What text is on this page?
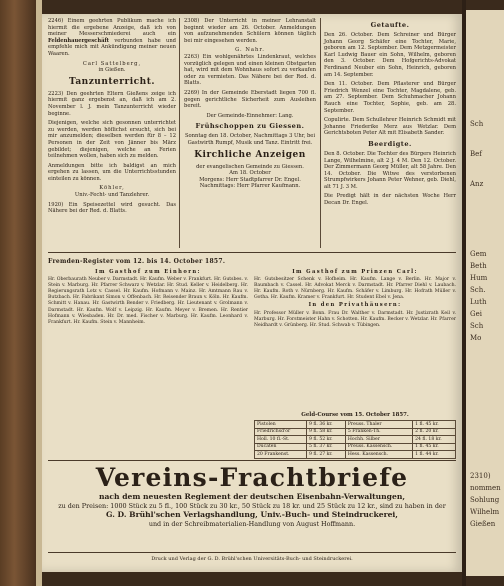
2246) Einem geehrten Publikum mache ich hiermit die ergebene Anzeige, daß ich von meiner Messerschmiederei auch ein Feldenhauergeschäft verbunden habe und empfehle mich mit Ankündigung meiner neuen Waaren.

Carl Sattelberg,
in Gießen.
Tanzunterricht.

2223) Den geehrten Eltern Gießens zeige ich hiermit ganz ergebenst an, daß ich am 2. November l. J. mein Tanzunterricht wieder beginne.

Diejenigen, welche sich gesonnen unterrichtet zu werden, werden höflichst ersucht, sich bei mir anzumelden; dieselben werden für 8 – 12 Personen in der Zeit von Jänner bis März gebildet; diejenigen, welche an Ferien teilnehmen wollen, haben sich zu melden.

Anmeldungen bitte ich baldigst an mich ergehen zu lassen, um die Unterrichtsstunden einteilen zu können.

Köhler,
Univ.-Fecht- und Tanzlehrer.

1920) Ein Speisezettel wird gesucht. Das Nähere bei der Red. d. Blatts.

2308) Der Unterricht in meiner Lehranstalt beginnt wieder am 26. October. Anmeldungen von aufzunehmenden Schülern können täglich bei mir eingesehen werden.

G. Nahr.

2263) Ein wohlgenährtes Lindenkraut, welches vorzüglich gelegen und einen kleinen Obstgarten hat, wird mit dem Wohnhaus sofort zu verkaufen oder zu vermieten. Das Nähere bei der Red. d. Blatts.

2269) In der Gemeinde Eberstadt liegen 700 fl. gegen gerichtliche Sicherheit zum Ausleihen bereit.

Der Gemeinde-Einnehmer: Lang.
Frühschoppen zu Giessen.

Sonntag den 18. October, Nachmittags 3 Uhr, bei Gastwirth Rumpf, Musik und Tanz. Eintritt frei.

Kirchliche Anzeigen
der evangelischen Gemeinde zu Giessen.
Am 18. October

Morgens: Herr Stadtpfarrer Dr. Engel. Nachmittags: Herr Pfarrer Kaufmann.

Getaufte.

Den 26. October. Dem Schreiner und Bürger Johann Georg Schäfer eine Tochter, Marie, geboren am 12. September. Dem Metzgermeister Karl Ludwig Bauer ein Sohn, Wilhelm, geboren den 3. October. Dem Hofgerichts-Advokat Ferdinand Neuber ein Sohn, Heinrich, geboren am 14. September.

Den 11. October. Dem Pflasterer und Bürger Friedrich Wenzel eine Tochter, Magdalene, geb. am 27. September. Dem Schuhmacher Johann Rauch eine Tochter, Sophie, geb. am 28. September.

Copulirte. Dem Schullehrer Heinrich Schmidt mit Johanne Friederike Merz aus Wetzlar. Dem Gerichtsboten Peter Alt mit Elisabeth Sander.

Beerdigte.

Den 8. October. Die Tochter des Bürgers Heinrich Lange, Wilhelmine, alt 2 J. 4 M. Den 12. October. Der Zimmermann Georg Müller, alt 58 Jahre. Den 14. October. Die Witwe des verstorbenen Strumpfwirkers Johann Peter Wehner, geb. Diehl, alt 71 J. 3 M.

Die Predigt hält in der nächsten Woche Herr Decan Dr. Engel.

Fremden-Register vom 12. bis 14. October 1857.
Im Gasthof zum Einhorn:
Hr. Oberbaurath Neuber v. Darmstadt. Hr. Kaufm. Weber v. Frankfurt. Hr. Gutsbes. v. Stein v. Marburg. Hr. Pfarrer Schwarz v. Wetzlar. Hr. Stud. Keller v. Heidelberg. Hr. Regierungsrath Lotz v. Cassel. Hr. Kaufm. Hofmann v. Mainz. Hr. Amtmann Rau v. Butzbach. Hr. Fabrikant Simon v. Offenbach. Hr. Reisender Braun v. Köln. Hr. Kaufm. Schmitt v. Hanau. Hr. Gastwirth Bender v. Friedberg. Hr. Lieutenant v. Grolmann v. Darmstadt. Hr. Kaufm. Wolf v. Leipzig. Hr. Kaufm. Meyer v. Bremen. Hr. Rentier Hofmann v. Wiesbaden. Hr. Dr. med. Fischer v. Marburg. Hr. Kaufm. Leonhard v. Frankfurt. Hr. Kaufm. Stein v. Mannheim.
Im Gasthof zum Prinzen Carl:
Hr. Gutsbesitzer Schenk v. Hofheim. Hr. Kaufm. Lange v. Berlin. Hr. Major v. Baumbach v. Cassel. Hr. Advokat Merck v. Darmstadt. Hr. Pfarrer Diehl v. Laubach. Hr. Kaufm. Roth v. Nürnberg. Hr. Kaufm. Schäfer v. Limburg. Hr. Hofrath Müller v. Gotha. Hr. Kaufm. Kramer v. Frankfurt. Hr. Student Ebel v. Jena.
In den Privathäusern:
Hr. Professor Müller v. Bonn. Frau Dr. Walther v. Darmstadt. Hr. Justizrath Keil v. Marburg. Hr. Forstmeister Hahn v. Schotten. Hr. Kaufm. Becker v. Wetzlar. Hr. Pfarrer Neidhardt v. Grünberg. Hr. Stud. Schwab v. Tübingen.
Geld-Course vom 15. October 1857.
Pistolen	9 fl. 36 kr.	Preuss. Thaler	1 fl. 45 kr.
Friedrichsd'or	9 fl. 58 kr.	5 Franken-Th.	2 fl. 20 kr.
Holl. 10 fl.-St.	9 fl. 52 kr.	Hochh. Silber	24 fl. 18 kr.
Ducaten	5 fl. 37 kr.	Preuss. Kassensch.	1 fl. 45 kr.
20 Frankenst.	9 fl. 27 kr.	Hess. Kassensch.	1 fl. 44 kr.
Vereins-Frachtbriefe
nach dem neuesten Reglement der deutschen Eisenbahn-Verwaltungen,
zu den Preisen: 1000 Stück zu 5 fl., 100 Stück zu 30 kr., 50 Stück zu 18 kr. und 25 Stück zu 12 kr., sind zu haben in der
G. D. Brühl'schen Verlagshandlung, Univ.-Buch- und Steindruckerei,
und in der Schreibmaterialien-Handlung von August Hoffmann.
Druck und Verlag der G. D. Brühl'schen Universitäts-Buch- und Steindruckerei.
Sch
Bef
Anz
Gem
Beth
Hum
Sch.
Luth
Gei
Sch
Mo
2310)
nommen
Sohlung
Wilhelm
Gießen
